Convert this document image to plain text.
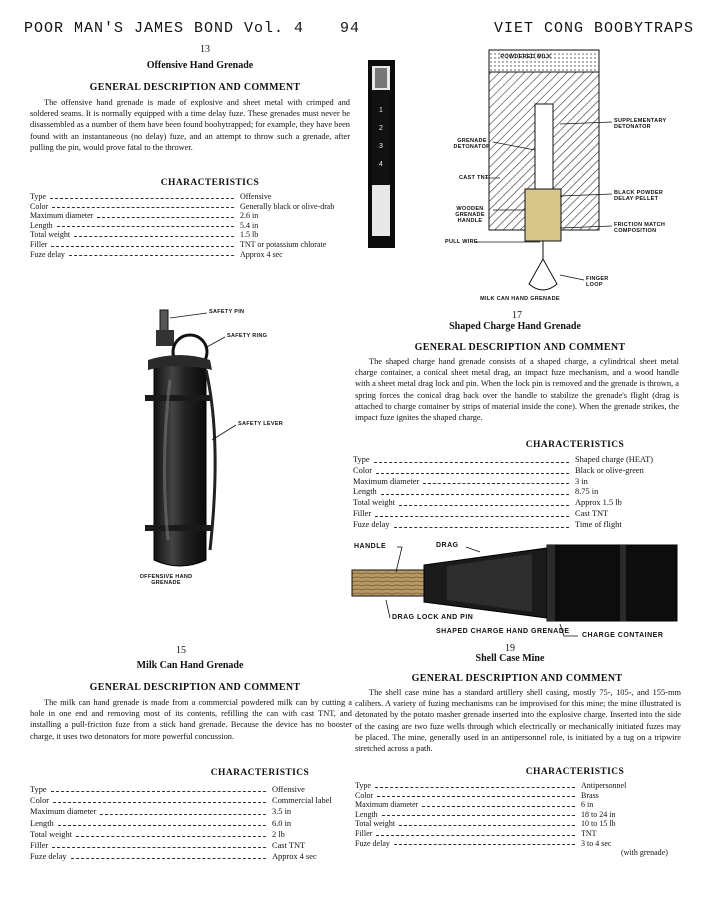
POOR MAN'S JAMES BOND Vol. 4 94	VIET CONG BOOBYTRAPS
13
Offensive Hand Grenade
GENERAL DESCRIPTION AND COMMENT

The offensive hand grenade is made of explosive and sheet metal with crimped and soldered seams. It is normally equipped with a time delay fuze. These grenades must never be disassembled as a number of them have been found boobytrapped; for example, they have been found with an instantaneous (no delay) fuze, and an attempt to throw such a grenade, after pulling the pin, would prove fatal to the thrower.

CHARACTERISTICS
Type	Offensive
Color	Generally black or olive-drab
Maximum diameter	2.6 in
Length	5.4 in
Total weight	1.5 lb
Filler	TNT or potassium chlorate
Fuze delay	Approx 4 sec
SAFETY PIN
SAFETY RING
SAFETY LEVER
OFFENSIVE HAND GRENADE
1
2
3
4
POWDERED MILK
SUPPLEMENTARY DETONATOR
GRENADE DETONATOR
CAST TNT
BLACK POWDER DELAY PELLET
WOODEN GRENADE HANDLE
FRICTION MATCH COMPOSITION
PULL WIRE
FINGER LOOP
MILK CAN HAND GRENADE
17
Shaped Charge Hand Grenade
GENERAL DESCRIPTION AND COMMENT

The shaped charge hand grenade consists of a shaped charge, a cylindrical sheet metal charge container, a conical sheet metal drag, an impact fuze mechanism, and a wood handle with a sheet metal drag lock and pin. When the lock pin is removed and the grenade is thrown, a spring forces the conical drag back over the handle to stabilize the grenade's flight (drag is attached to charge container by strips of material inside the cone). When the grenade strikes, the impact fuze ignites the shaped charge.

CHARACTERISTICS
Type	Shaped charge (HEAT)
Color	Black or olive-green
Maximum diameter	3 in
Length	8.75 in
Total weight	Approx 1.5 lb
Filler	Cast TNT
Fuze delay	Time of flight
HANDLE	DRAG
DRAG LOCK AND PIN
SHAPED CHARGE HAND GRENADE
CHARGE CONTAINER
19
Shell Case Mine
GENERAL DESCRIPTION AND COMMENT

The shell case mine has a standard artillery shell casing, mostly 75-, 105-, and 155-mm calibers. A variety of fuzing mechanisms can be improvised for this mine; the mine illustrated is detonated by the potato masher grenade inserted into the explosive charge. Inserted into the side of the casing are two fuze wells through which electrically or mechanically initiated fuzes may be placed. The mine, generally used in an antipersonnel role, is initiated by a tug on a tripwire stretched across a path.

CHARACTERISTICS
Type	Antipersonnel
Color	Brass
Maximum diameter	6 in
Length	18 to 24 in
Total weight	10 to 15 lb
Filler	TNT
Fuze delay	3 to 4 sec
(with grenade)
15
Milk Can Hand Grenade
GENERAL DESCRIPTION AND COMMENT

The milk can hand grenade is made from a commercial powdered milk can by cutting a hole in one end and removing most of its contents, refilling the can with cast TNT, and installing a pull-friction fuze from a stick hand grenade. Because the device has no booster charge, it uses two detonators for more powerful concussion.

CHARACTERISTICS
Type	Offensive
Color	Commercial label
Maximum diameter	3.5 in
Length	6.0 in
Total weight	2 lb
Filler	Cast TNT
Fuze delay	Approx 4 sec
